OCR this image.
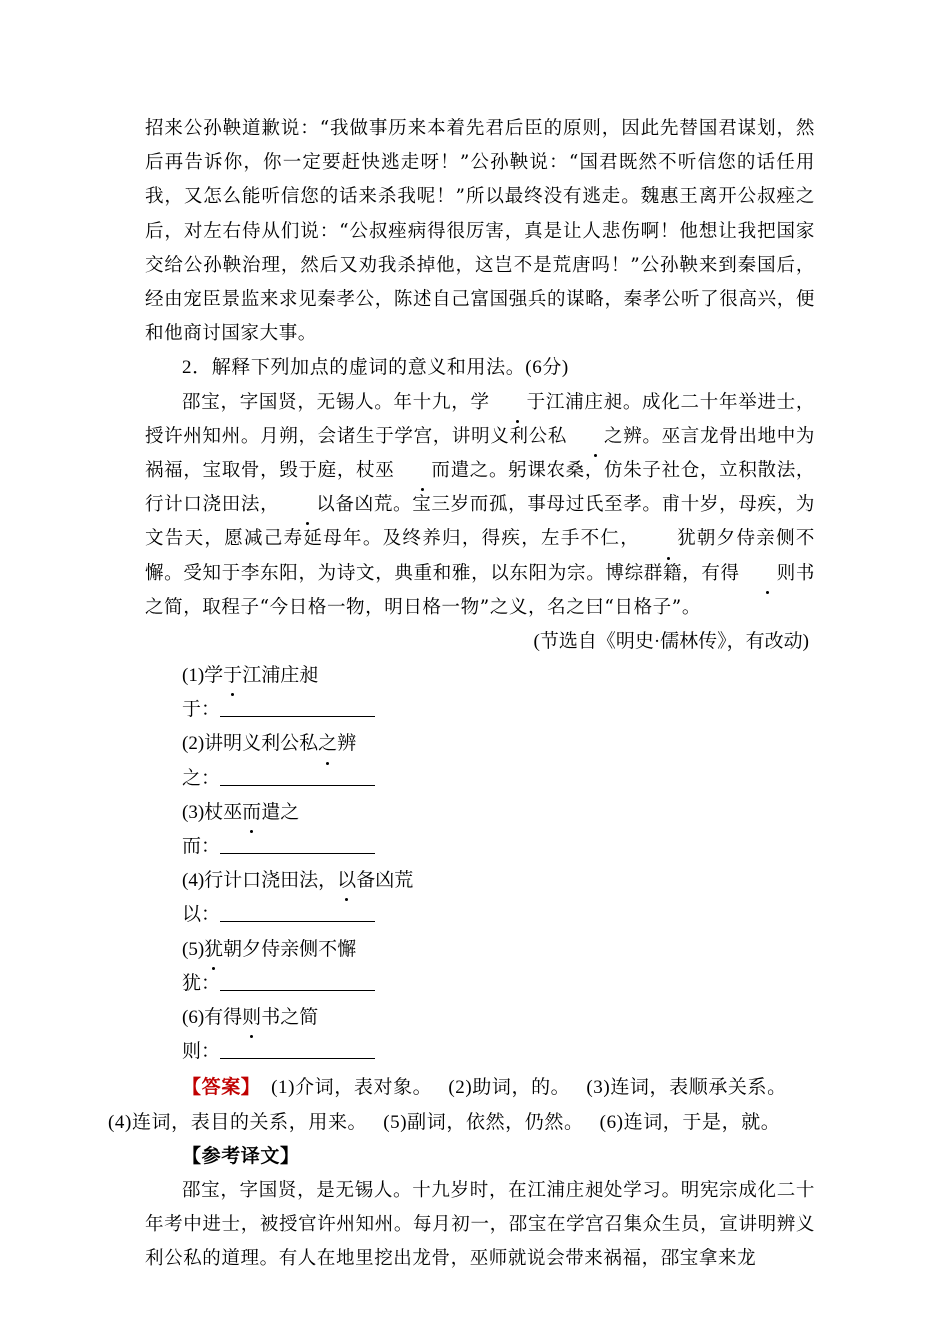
招来公孙鞅道歉说：“我做事历来本着先君后臣的原则，因此先替国君谋划，然后再告诉你，你一定要赶快逃走呀！”公孙鞅说：“国君既然不听信您的话任用我，又怎么能听信您的话来杀我呢！”所以最终没有逃走。魏惠王离开公叔痤之后，对左右侍从们说：“公叔痤病得很厉害，真是让人悲伤啊！他想让我把国家交给公孙鞅治理，然后又劝我杀掉他，这岂不是荒唐吗！”公孙鞅来到秦国后，经由宠臣景监来求见秦孝公，陈述自己富国强兵的谋略，秦孝公听了很高兴，便和他商讨国家大事。

2．解释下列加点的虚词的意义和用法。(6分)

邵宝，字国贤，无锡人。年十九，学 于江浦庄昶。成化二十年举进士，授许州知州。月朔，会诸生于学宫，讲明义利公私 之辨。巫言龙骨出地中为祸福，宝取骨，毁于庭，杖巫 而遣之。躬课农桑，仿朱子社仓，立积散法，行计口浇田法， 以备凶荒。宝三岁而孤，事母过氏至孝。甫十岁，母疾，为文告天，愿减己寿延母年。及终养归，得疾，左手不仁， 犹朝夕侍亲侧不懈。受知于李东阳，为诗文，典重和雅，以东阳为宗。博综群籍，有得 则书之简，取程子“今日格一物，明日格一物”之义，名之曰“日格子”。

(节选自《明史·儒林传》，有改动)

(1)学于江浦庄昶
于：
(2)讲明义利公私之辨
之：
(3)杖巫而遣之
而：
(4)行计口浇田法，以备凶荒
以：
(5)犹朝夕侍亲侧不懈
犹：
(6)有得则书之简
则：

【答案】 (1)介词，表对象。 (2)助词，的。 (3)连词，表顺承关系。
(4)连词，表目的关系，用来。 (5)副词，依然，仍然。 (6)连词，于是，就。

【参考译文】

邵宝，字国贤，是无锡人。十九岁时，在江浦庄昶处学习。明宪宗成化二十年考中进士，被授官许州知州。每月初一，邵宝在学宫召集众生员，宣讲明辨义利公私的道理。有人在地里挖出龙骨，巫师就说会带来祸福，邵宝拿来龙
